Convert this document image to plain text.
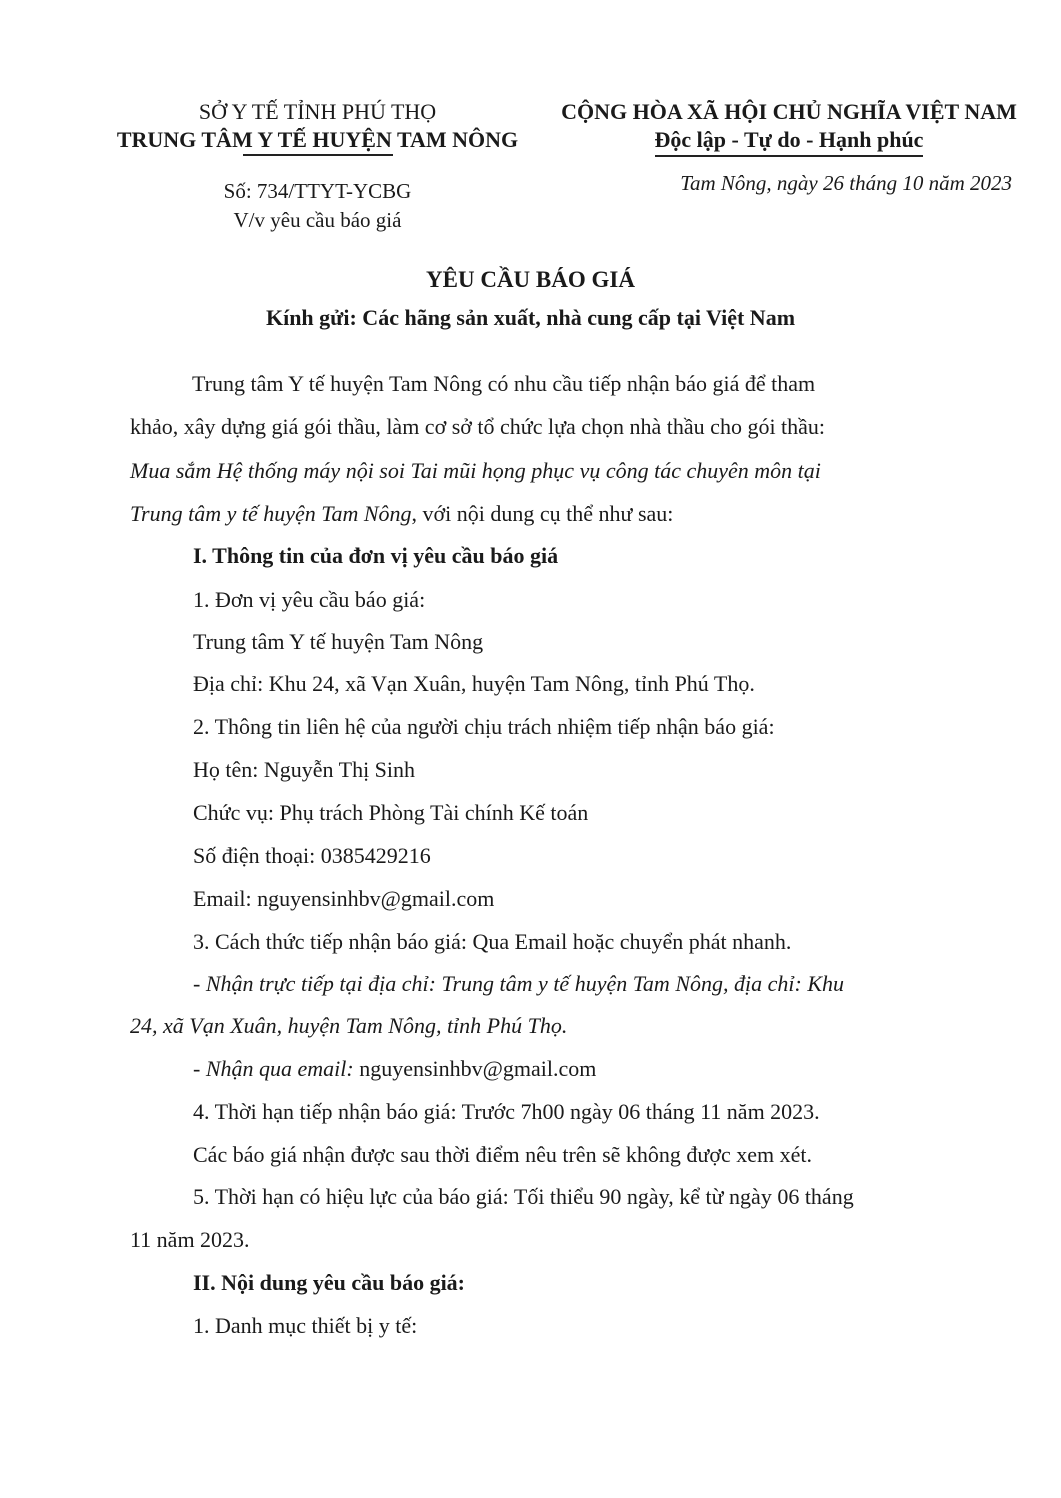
SỞ Y TẾ TỈNH PHÚ THỌ
TRUNG TÂM Y TẾ HUYỆN TAM NÔNG
Số: 734/TTYT-YCBG
V/v yêu cầu báo giá
CỘNG HÒA XÃ HỘI CHỦ NGHĨA VIỆT NAM
Độc lập - Tự do - Hạnh phúc
Tam Nông, ngày 26 tháng 10 năm 2023
YÊU CẦU BÁO GIÁ
Kính gửi: Các hãng sản xuất, nhà cung cấp tại Việt Nam
Trung tâm Y tế huyện Tam Nông có nhu cầu tiếp nhận báo giá để tham
khảo, xây dựng giá gói thầu, làm cơ sở tổ chức lựa chọn nhà thầu cho gói thầu:
Mua sắm Hệ thống máy nội soi Tai mũi họng phục vụ công tác chuyên môn tại
Trung tâm y tế huyện Tam Nông, với nội dung cụ thể như sau:
I. Thông tin của đơn vị yêu cầu báo giá
1. Đơn vị yêu cầu báo giá:
Trung tâm Y tế huyện Tam Nông
Địa chỉ: Khu 24, xã Vạn Xuân, huyện Tam Nông, tỉnh Phú Thọ.
2. Thông tin liên hệ của người chịu trách nhiệm tiếp nhận báo giá:
Họ tên: Nguyễn Thị Sinh
Chức vụ: Phụ trách Phòng Tài chính Kế toán
Số điện thoại: 0385429216
Email: nguyensinhbv@gmail.com
3. Cách thức tiếp nhận báo giá: Qua Email hoặc chuyển phát nhanh.
- Nhận trực tiếp tại địa chỉ: Trung tâm y tế huyện Tam Nông, địa chỉ: Khu
24, xã Vạn Xuân, huyện Tam Nông, tỉnh Phú Thọ.
- Nhận qua email: nguyensinhbv@gmail.com
4. Thời hạn tiếp nhận báo giá: Trước 7h00 ngày 06 tháng 11 năm 2023.
Các báo giá nhận được sau thời điểm nêu trên sẽ không được xem xét.
5. Thời hạn có hiệu lực của báo giá: Tối thiểu 90 ngày, kể từ ngày 06 tháng
11 năm 2023.
II. Nội dung yêu cầu báo giá:
1. Danh mục thiết bị y tế:
